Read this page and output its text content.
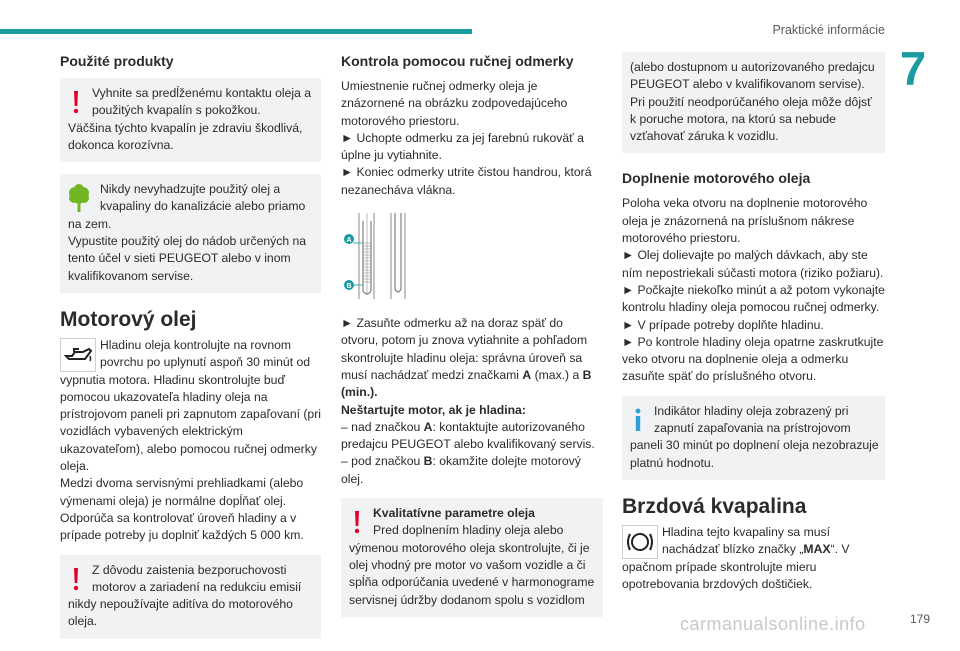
Praktické informácie
7
Použité produkty

Vyhnite sa predĺženému kontaktu oleja a použitých kvapalín s pokožkou.

Väčšina týchto kvapalín je zdraviu škodlivá, dokonca korozívna.

Nikdy nevyhadzujte použitý olej a kvapaliny do kanalizácie alebo priamo

na zem.

Vypustite použitý olej do nádob určených na tento účel v sieti PEUGEOT alebo v inom kvalifikovanom servise.

Motorový olej

Hladinu oleja kontrolujte na rovnom povrchu po uplynutí aspoň 30 minút od

vypnutia motora. Hladinu skontrolujte buď pomocou ukazovateľa hladiny oleja na prístrojovom paneli pri zapnutom zapaľovaní (pri vozidlách vybavených elektrickým ukazovateľom), alebo pomocou ručnej odmerky oleja.

Medzi dvoma servisnými prehliadkami (alebo výmenami oleja) je normálne dopĺňať olej. Odporúča sa kontrolovať úroveň hladiny a v prípade potreby ju doplniť každých 5 000 km.

Z dôvodu zaistenia bezporuchovosti motorov a zariadení na redukciu emisií

nikdy nepoužívajte aditíva do motorového oleja.

Kontrola pomocou ručnej odmerky

Umiestnenie ručnej odmerky oleja je znázornené na obrázku zodpovedajúceho motorového priestoru.

► Uchopte odmerku za jej farebnú rukoväť a úplne ju vytiahnite.

► Koniec odmerky utrite čistou handrou, ktorá nezanecháva vlákna.

A
B

► Zasuňte odmerku až na doraz späť do otvoru, potom ju znova vytiahnite a pohľadom skontrolujte hladinu oleja: správna úroveň sa musí nachádzať medzi značkami A (max.) a B (min.).

Neštartujte motor, ak je hladina:

– nad značkou A: kontaktujte autorizovaného predajcu PEUGEOT alebo kvalifikovaný servis.

– pod značkou B: okamžite dolejte motorový olej.

Kvalitatívne parametre oleja

Pred doplnením hladiny oleja alebo

výmenou motorového oleja skontrolujte, či je olej vhodný pre motor vo vašom vozidle a či spĺňa odporúčania uvedené v harmonograme servisnej údržby dodanom spolu s vozidlom

(alebo dostupnom u autorizovaného predajcu PEUGEOT alebo v kvalifikovanom servise). Pri použití neodporúčaného oleja môže dôjsť k poruche motora, na ktorú sa nebude vzťahovať záruka k vozidlu.

Doplnenie motorového oleja

Poloha veka otvoru na doplnenie motorového oleja je znázornená na príslušnom nákrese motorového priestoru.

► Olej dolievajte po malých dávkach, aby ste ním nepostriekali súčasti motora (riziko požiaru).

► Počkajte niekoľko minút a až potom vykonajte kontrolu hladiny oleja pomocou ručnej odmerky.

► V prípade potreby doplňte hladinu.

► Po kontrole hladiny oleja opatrne zaskrutkujte veko otvoru na doplnenie oleja a odmerku zasuňte späť do príslušného otvoru.

Indikátor hladiny oleja zobrazený pri zapnutí zapaľovania na prístrojovom

paneli 30 minút po doplnení oleja nezobrazuje platnú hodnotu.

Brzdová kvapalina

Hladina tejto kvapaliny sa musí nachádzať blízko značky „MAX“. V

opačnom prípade skontrolujte mieru opotrebovania brzdových doštičiek.

carmanualsonline.info	179
